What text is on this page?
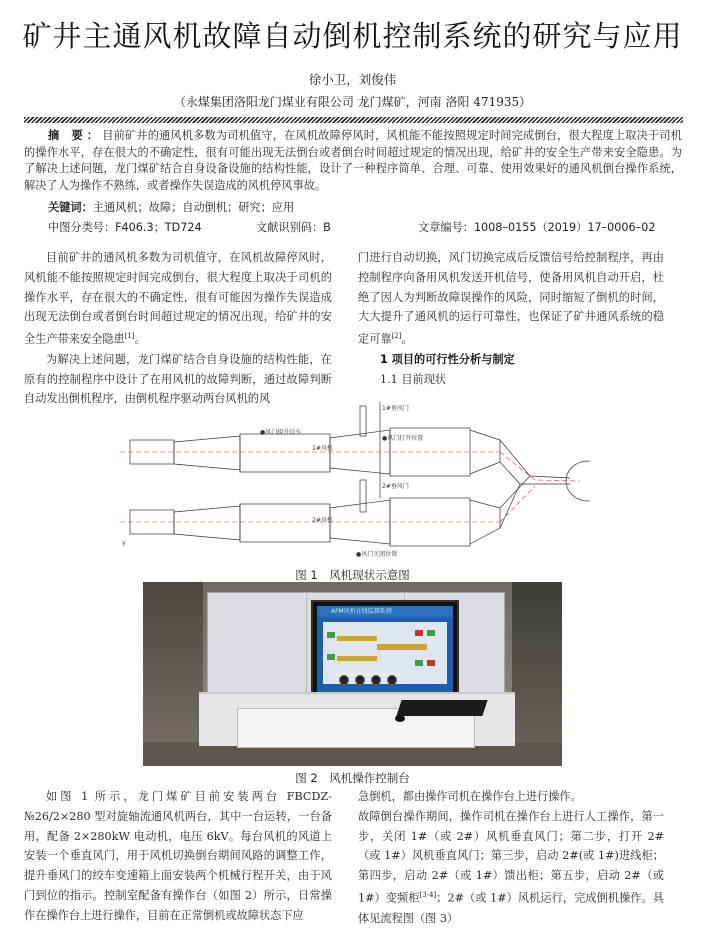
矿井主通风机故障自动倒机控制系统的研究与应用
徐小卫，刘俊伟
（永煤集团洛阳龙门煤业有限公司 龙门煤矿，河南 洛阳 471935）
摘 要：目前矿井的通风机多数为司机值守，在风机故障停风时，风机能不能按照规定时间完成倒台，很大程度上取决于司机的操作水平，存在很大的不确定性，很有可能出现无法倒台或者倒台时间超过规定的情况出现，给矿井的安全生产带来安全隐患。为了解决上述问题，龙门煤矿结合自身设备设施的结构性能，设计了一种程序简单、合理、可靠、使用效果好的通风机倒台操作系统，解决了人为操作不熟练，或者操作失误造成的风机停风事故。
关键词：主通风机；故障；自动倒机；研究；应用
中图分类号：F406.3；TD724	文献识别码：B	文章编号：1008–0155（2019）17–0006–02

目前矿井的通风机多数为司机值守，在风机故障停风时，风机能不能按照规定时间完成倒台，很大程度上取决于司机的操作水平，存在很大的不确定性，很有可能因为操作失误造成出现无法倒台或者倒台时间超过规定的情况出现，给矿井的安全生产带来安全隐患[1]。

为解决上述问题，龙门煤矿结合自身设施的结构性能，在原有的控制程序中设计了在用风机的故障判断，通过故障判断自动发出倒机程序，由倒机程序驱动两台风机的风

门进行自动切换，风门切换完成后反馈信号给控制程序，再由控制程序向备用风机发送开机信号，使备用风机自动开启，杜绝了因人为判断故障误操作的风险，同时缩短了倒机的时间，大大提升了通风机的运行可靠性，也保证了矿井通风系统的稳定可靠[2]。

1 项目的可行性分析与制定

1.1 目前现状

1#垂风门
2#垂风门
1#风机
2#风机
●风门提升绞车
●风门打开位置
●风门关闭位置
Y
图 1　风机现状示意图
AFM风机在线监测系统
图 2　风机操作控制台

如图 1 所示，龙门煤矿目前安装两台 FBCDZ-№26/2×280 型对旋轴流通风机两台，其中一台运转，一台备用，配备 2×280kW 电动机，电压 6kV。每台风机的风道上安装一个垂直风门，用于风机切换倒台期间风路的调整工作，提升垂风门的绞车变速箱上面安装两个机械行程开关，由于风门到位的指示。控制室配备有操作台（如图 2）所示，日常操作在操作台上进行操作，目前在正常倒机或故障状态下应

急倒机，都由操作司机在操作台上进行操作。

故障倒台操作期间，操作司机在操作台上进行人工操作，第一步，关闭 1#（或 2#）风机垂直风门；第二步，打开 2#（或 1#）风机垂直风门；第三步，启动 2#(或 1#)进线柜；第四步，启动 2#（或 1#）馈出柜；第五步，启动 2#（或 1#）变频柜[3-4]；2#（或 1#）风机运行，完成倒机操作。具体见流程图（图 3）
